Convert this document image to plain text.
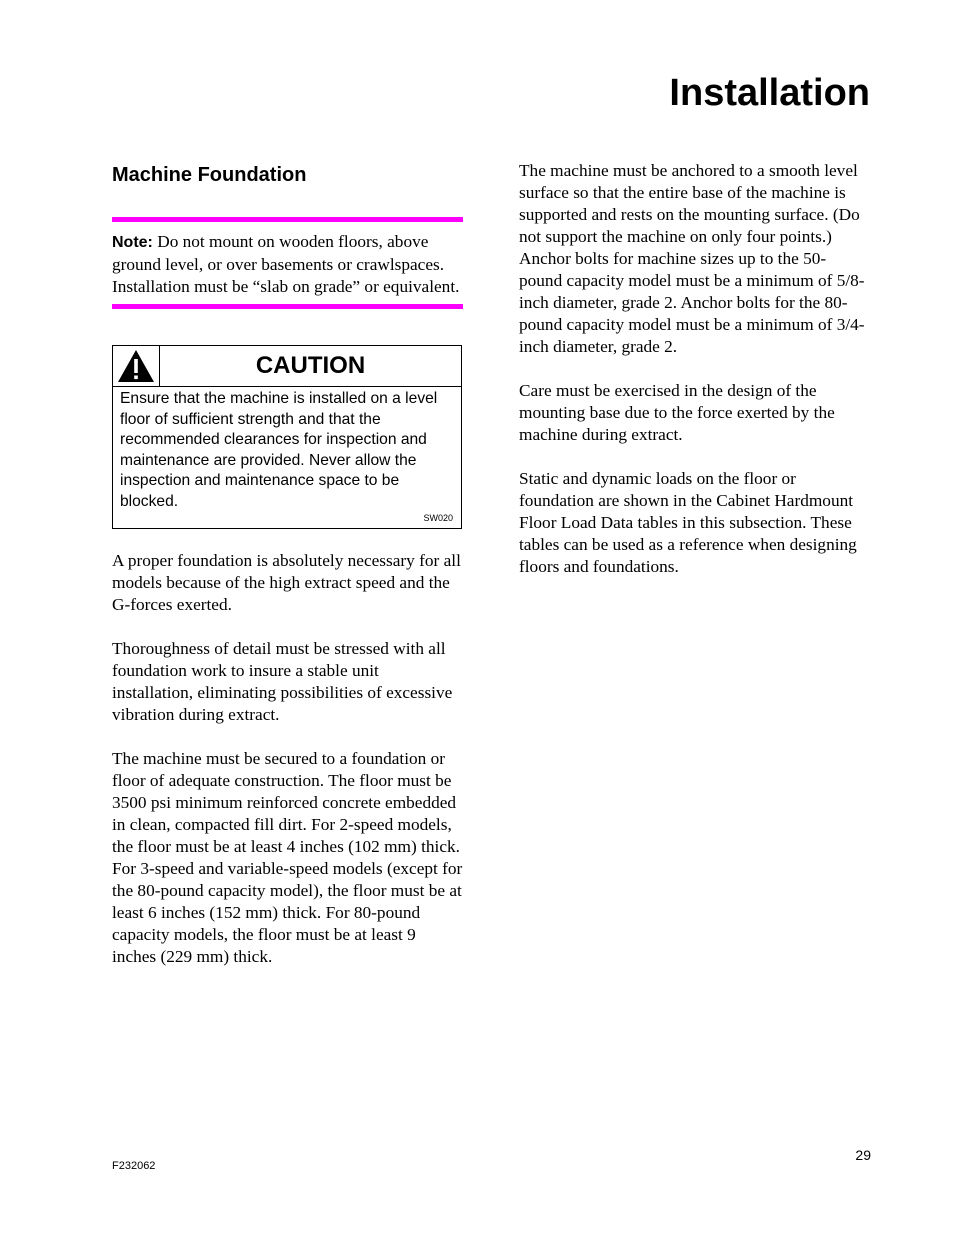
Installation
Machine Foundation

Note: Do not mount on wooden floors, above ground level, or over basements or crawlspaces. Installation must be “slab on grade” or equivalent.

CAUTION
Ensure that the machine is installed on a level floor of sufficient strength and that the recommended clearances for inspection and maintenance are provided. Never allow the inspection and maintenance space to be blocked.
SW020

A proper foundation is absolutely necessary for all models because of the high extract speed and the G-forces exerted.

Thoroughness of detail must be stressed with all foundation work to insure a stable unit installation, eliminating possibilities of excessive vibration during extract.

The machine must be secured to a foundation or floor of adequate construction. The floor must be 3500 psi minimum reinforced concrete embedded in clean, compacted fill dirt. For 2-speed models, the floor must be at least 4 inches (102 mm) thick. For 3-speed and variable-speed models (except for the 80-pound capacity model), the floor must be at least 6 inches (152 mm) thick. For 80-pound capacity models, the floor must be at least 9 inches (229 mm) thick.

The machine must be anchored to a smooth level surface so that the entire base of the machine is supported and rests on the mounting surface. (Do not support the machine on only four points.) Anchor bolts for machine sizes up to the 50-pound capacity model must be a minimum of 5/8-inch diameter, grade 2. Anchor bolts for the 80-pound capacity model must be a minimum of 3/4-inch diameter, grade 2.

Care must be exercised in the design of the mounting base due to the force exerted by the machine during extract.

Static and dynamic loads on the floor or foundation are shown in the Cabinet Hardmount Floor Load Data tables in this subsection. These tables can be used as a reference when designing floors and foundations.

29
F232062
